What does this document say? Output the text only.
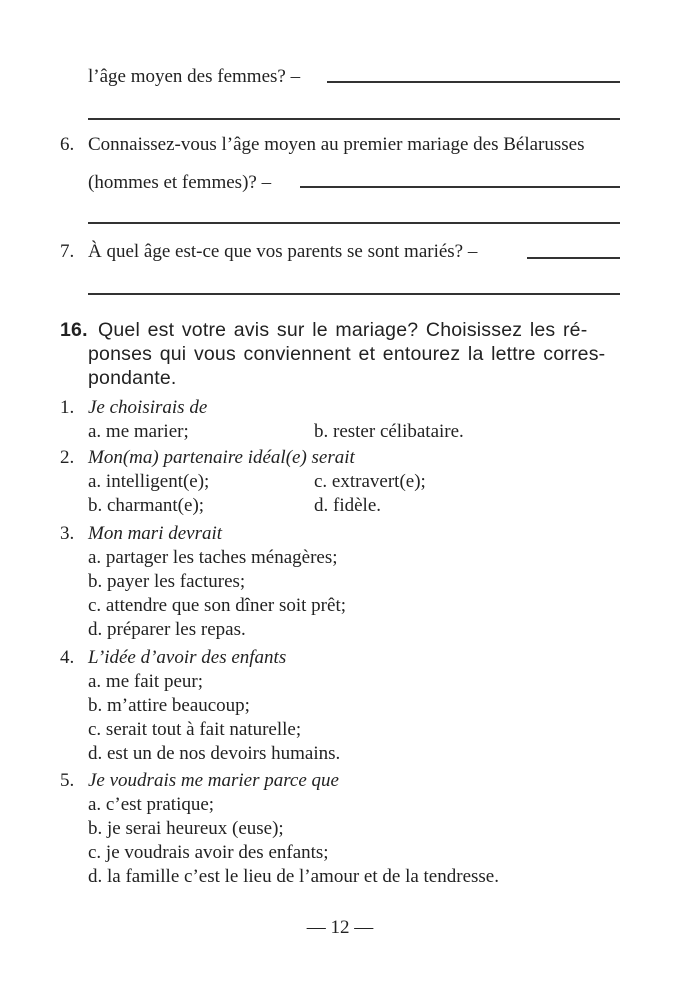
l’âge moyen des femmes? –
6. Connaissez-vous l’âge moyen au premier mariage des Bélarusses
(hommes et femmes)? –
7. À quel âge est-ce que vos parents se sont mariés? –
16. Quel est votre avis sur le mariage? Choisissez les ré-
ponses qui vous conviennent et entourez la lettre corres-
pondante.
1. Je choisirais de
a. me marier;	b. rester célibataire.
2. Mon(ma) partenaire idéal(e) serait
a. intelligent(e);	c. extravert(e);
b. charmant(e);	d. fidèle.
3. Mon mari devrait
a. partager les taches ménagères;
b. payer les factures;
c. attendre que son dîner soit prêt;
d. préparer les repas.
4. L’idée d’avoir des enfants
a. me fait peur;
b. m’attire beaucoup;
c. serait tout à fait naturelle;
d. est un de nos devoirs humains.
5. Je voudrais me marier parce que
a. c’est pratique;
b. je serai heureux (euse);
c. je voudrais avoir des enfants;
d. la famille c’est le lieu de l’amour et de la tendresse.
— 12 —
